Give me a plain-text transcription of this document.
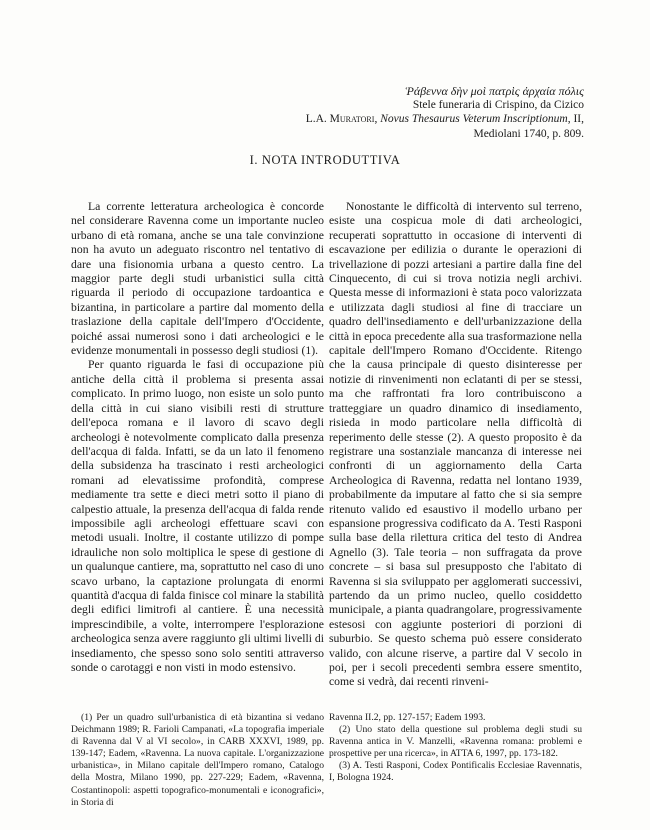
Ῥάβεννα δὴν μοὶ πατρὶς ἀρχαία πόλις
Stele funeraria di Crispino, da Cizico
L.A. Muratori, Novus Thesaurus Veterum Inscriptionum, II,
Mediolani 1740, p. 809.
I. NOTA INTRODUTTIVA

La corrente letteratura archeologica è concorde nel considerare Ravenna come un importante nucleo urbano di età romana, anche se una tale convinzione non ha avuto un adeguato riscontro nel tentativo di dare una fisionomia urbana a questo centro. La maggior parte degli studi urbanistici sulla città riguarda il periodo di occupazione tardoantica e bizantina, in particolare a partire dal momento della traslazione della capitale dell'Impero d'Occidente, poiché assai numerosi sono i dati archeologici e le evidenze monumentali in possesso degli studiosi (1).

Per quanto riguarda le fasi di occupazione più antiche della città il problema si presenta assai complicato. In primo luogo, non esiste un solo punto della città in cui siano visibili resti di strutture dell'epoca romana e il lavoro di scavo degli archeologi è notevolmente complicato dalla presenza dell'acqua di falda. Infatti, se da un lato il fenomeno della subsidenza ha trascinato i resti archeologici romani ad elevatissime profondità, comprese mediamente tra sette e dieci metri sotto il piano di calpestio attuale, la presenza dell'acqua di falda rende impossibile agli archeologi effettuare scavi con metodi usuali. Inoltre, il costante utilizzo di pompe idrauliche non solo moltiplica le spese di gestione di un qualunque cantiere, ma, soprattutto nel caso di uno scavo urbano, la captazione prolungata di enormi quantità d'acqua di falda finisce col minare la stabilità degli edifici limitrofi al cantiere. È una necessità imprescindibile, a volte, interrompere l'esplorazione archeologica senza avere raggiunto gli ultimi livelli di insediamento, che spesso sono solo sentiti attraverso sonde o carotaggi e non visti in modo estensivo.

Nonostante le difficoltà di intervento sul terreno, esiste una cospicua mole di dati archeologici, recuperati soprattutto in occasione di interventi di escavazione per edilizia o durante le operazioni di trivellazione di pozzi artesiani a partire dalla fine del Cinquecento, di cui si trova notizia negli archivi. Questa messe di informazioni è stata poco valorizzata e utilizzata dagli studiosi al fine di tracciare un quadro dell'insediamento e dell'urbanizzazione della città in epoca precedente alla sua trasformazione nella capitale dell'Impero Romano d'Occidente. Ritengo che la causa principale di questo disinteresse per notizie di rinvenimenti non eclatanti di per se stessi, ma che raffrontati fra loro contribuiscono a tratteggiare un quadro dinamico di insediamento, risieda in modo particolare nella difficoltà di reperimento delle stesse (2). A questo proposito è da registrare una sostanziale mancanza di interesse nei confronti di un aggiornamento della Carta Archeologica di Ravenna, redatta nel lontano 1939, probabilmente da imputare al fatto che si sia sempre ritenuto valido ed esaustivo il modello urbano per espansione progressiva codificato da A. Testi Rasponi sulla base della rilettura critica del testo di Andrea Agnello (3). Tale teoria – non suffragata da prove concrete – si basa sul presupposto che l'abitato di Ravenna si sia sviluppato per agglomerati successivi, partendo da un primo nucleo, quello cosiddetto municipale, a pianta quadrangolare, progressivamente estesosi con aggiunte posteriori di porzioni di suburbio. Se questo schema può essere considerato valido, con alcune riserve, a partire dal V secolo in poi, per i secoli precedenti sembra essere smentito, come si vedrà, dai recenti rinveni-

(1) Per un quadro sull'urbanistica di età bizantina si vedano Deichmann 1989; R. Farioli Campanati, «La topografia imperiale di Ravenna dal V al VI secolo», in CARB XXXVI, 1989, pp. 139-147; Eadem, «Ravenna. La nuova capitale. L'organizzazione urbanistica», in Milano capitale dell'Impero romano, Catalogo della Mostra, Milano 1990, pp. 227-229; Eadem, «Ravenna, Costantinopoli: aspetti topografico-monumentali e iconografici», in Storia di

Ravenna II.2, pp. 127-157; Eadem 1993.

(2) Uno stato della questione sul problema degli studi su Ravenna antica in V. Manzelli, «Ravenna romana: problemi e prospettive per una ricerca», in ATTA 6, 1997, pp. 173-182.

(3) A. Testi Rasponi, Codex Pontificalis Ecclesiae Ravennatis, I, Bologna 1924.
